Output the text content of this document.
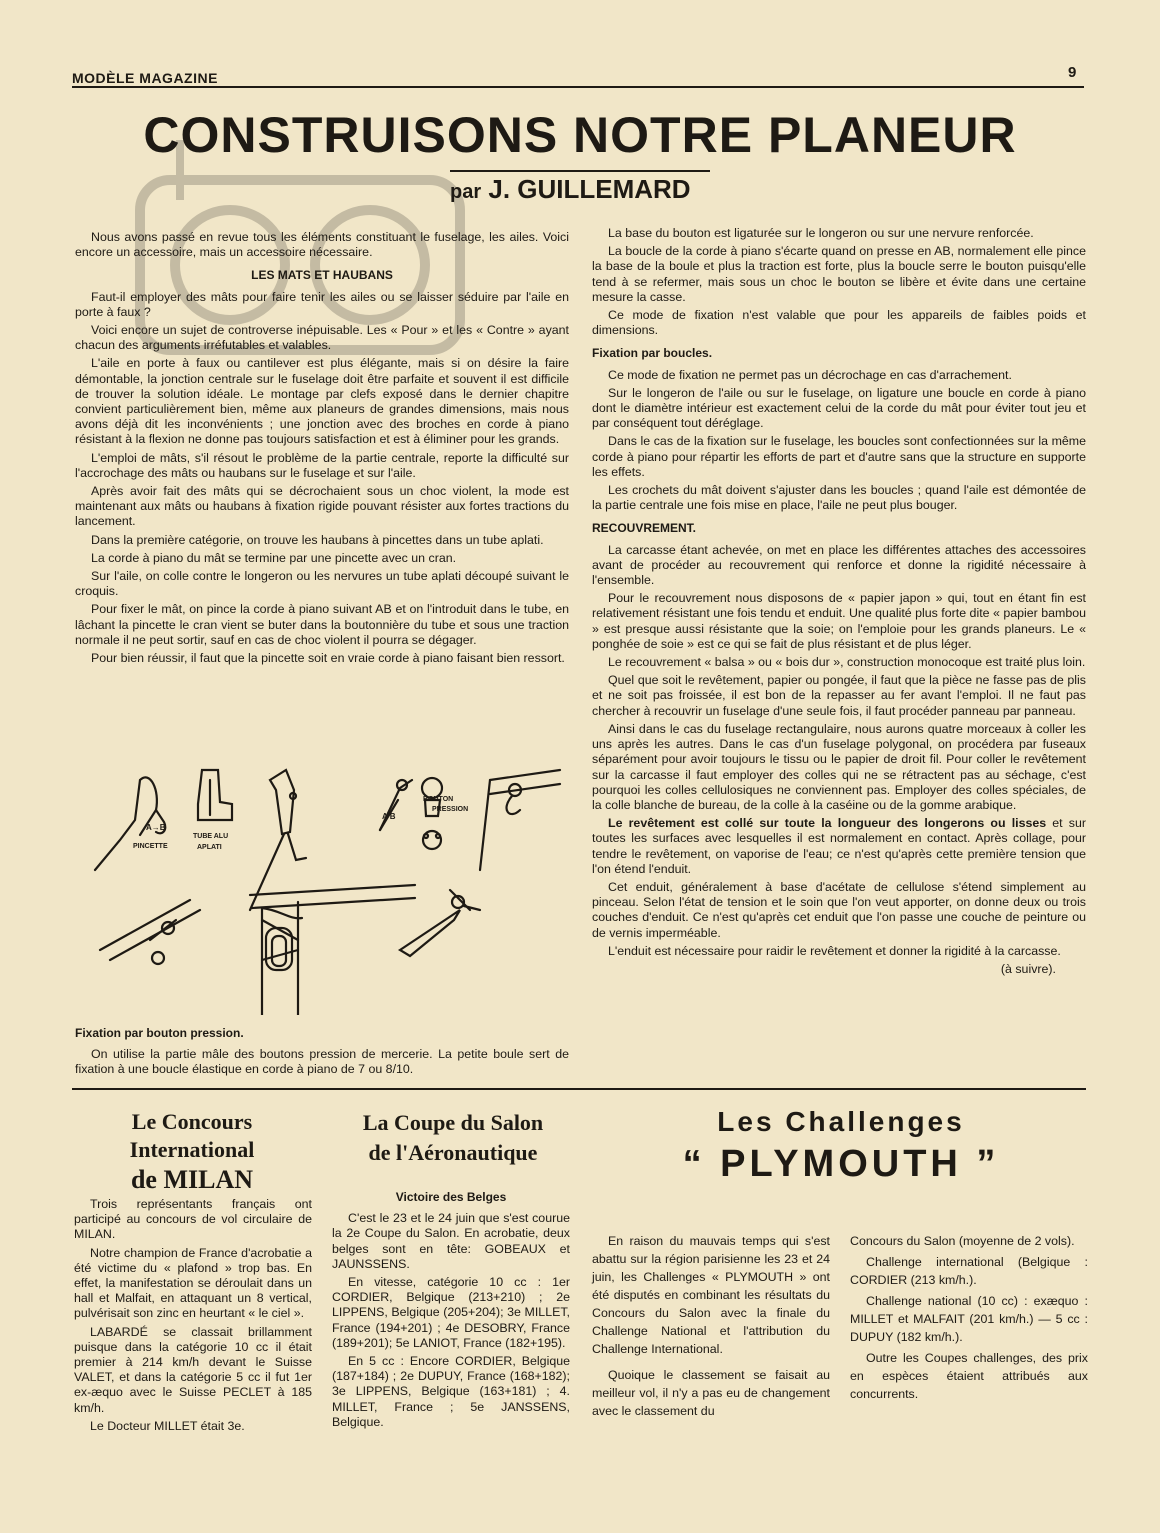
MODÈLE MAGAZINE	9
CONSTRUISONS NOTRE PLANEUR
par J. GUILLEMARD

Nous avons passé en revue tous les éléments constituant le fuselage, les ailes. Voici encore un accessoire, mais un accessoire nécessaire.

LES MATS ET HAUBANS

Faut-il employer des mâts pour faire tenir les ailes ou se laisser séduire par l'aile en porte à faux ?

Voici encore un sujet de controverse inépuisable. Les « Pour » et les « Contre » ayant chacun des arguments irréfutables et valables.

L'aile en porte à faux ou cantilever est plus élégante, mais si on désire la faire démontable, la jonction centrale sur le fuselage doit être parfaite et souvent il est difficile de trouver la solution idéale. Le montage par clefs exposé dans le dernier chapitre convient particulièrement bien, même aux planeurs de grandes dimensions, mais nous avons déjà dit les inconvénients ; une jonction avec des broches en corde à piano résistant à la flexion ne donne pas toujours satisfaction et est à éliminer pour les grands.

L'emploi de mâts, s'il résout le problème de la partie centrale, reporte la difficulté sur l'accrochage des mâts ou haubans sur le fuselage et sur l'aile.

Après avoir fait des mâts qui se décrochaient sous un choc violent, la mode est maintenant aux mâts ou haubans à fixation rigide pouvant résister aux fortes tractions du lancement.

Dans la première catégorie, on trouve les haubans à pincettes dans un tube aplati.

La corde à piano du mât se termine par une pincette avec un cran.

Sur l'aile, on colle contre le longeron ou les nervures un tube aplati découpé suivant le croquis.

Pour fixer le mât, on pince la corde à piano suivant AB et on l'introduit dans le tube, en lâchant la pincette le cran vient se buter dans la boutonnière du tube et sous une traction normale il ne peut sortir, sauf en cas de choc violent il pourra se dégager.

Pour bien réussir, il faut que la pincette soit en vraie corde à piano faisant bien ressort.

A→B
PINCETTE
TUBE ALU
APLATI
BOUTON
PRESSION
A B
Fixation par bouton pression.

On utilise la partie mâle des boutons pression de mercerie. La petite boule sert de fixation à une boucle élastique en corde à piano de 7 ou 8/10.

La base du bouton est ligaturée sur le longeron ou sur une nervure renforcée.

La boucle de la corde à piano s'écarte quand on presse en AB, normalement elle pince la base de la boule et plus la traction est forte, plus la boucle serre le bouton puisqu'elle tend à se refermer, mais sous un choc le bouton se libère et évite dans une certaine mesure la casse.

Ce mode de fixation n'est valable que pour les appareils de faibles poids et dimensions.

Fixation par boucles.

Ce mode de fixation ne permet pas un décrochage en cas d'arrachement.

Sur le longeron de l'aile ou sur le fuselage, on ligature une boucle en corde à piano dont le diamètre intérieur est exactement celui de la corde du mât pour éviter tout jeu et par conséquent tout déréglage.

Dans le cas de la fixation sur le fuselage, les boucles sont confectionnées sur la même corde à piano pour répartir les efforts de part et d'autre sans que la structure en supporte les effets.

Les crochets du mât doivent s'ajuster dans les boucles ; quand l'aile est démontée de la partie centrale une fois mise en place, l'aile ne peut plus bouger.

RECOUVREMENT.

La carcasse étant achevée, on met en place les différentes attaches des accessoires avant de procéder au recouvrement qui renforce et donne la rigidité nécessaire à l'ensemble.

Pour le recouvrement nous disposons de « papier japon » qui, tout en étant fin est relativement résistant une fois tendu et enduit. Une qualité plus forte dite « papier bambou » est presque aussi résistante que la soie; on l'emploie pour les grands planeurs. Le « ponghée de soie » est ce qui se fait de plus résistant et de plus léger.

Le recouvrement « balsa » ou « bois dur », construction monocoque est traité plus loin.

Quel que soit le revêtement, papier ou pongée, il faut que la pièce ne fasse pas de plis et ne soit pas froissée, il est bon de la repasser au fer avant l'emploi. Il ne faut pas chercher à recouvrir un fuselage d'une seule fois, il faut procéder panneau par panneau.

Ainsi dans le cas du fuselage rectangulaire, nous aurons quatre morceaux à coller les uns après les autres. Dans le cas d'un fuselage polygonal, on procédera par fuseaux séparément pour avoir toujours le tissu ou le papier de droit fil. Pour coller le revêtement sur la carcasse il faut employer des colles qui ne se rétractent pas au séchage, c'est pourquoi les colles cellulosiques ne conviennent pas. Employer des colles spéciales, de la colle blanche de bureau, de la colle à la caséine ou de la gomme arabique.

Le revêtement est collé sur toute la longueur des longerons ou lisses et sur toutes les surfaces avec lesquelles il est normalement en contact. Après collage, pour tendre le revêtement, on vaporise de l'eau; ce n'est qu'après cette première tension que l'on étend l'enduit.

Cet enduit, généralement à base d'acétate de cellulose s'étend simplement au pinceau. Selon l'état de tension et le soin que l'on veut apporter, on donne deux ou trois couches d'enduit. Ce n'est qu'après cet enduit que l'on passe une couche de peinture ou de vernis imperméable.

L'enduit est nécessaire pour raidir le revêtement et donner la rigidité à la carcasse.

(à suivre).
Le Concours International
de MILAN

Trois représentants français ont participé au concours de vol circulaire de MILAN.

Notre champion de France d'acrobatie a été victime du « plafond » trop bas. En effet, la manifestation se déroulait dans un hall et Malfait, en attaquant un 8 vertical, pulvérisait son zinc en heurtant « le ciel ».

LABARDÉ se classait brillamment puisque dans la catégorie 10 cc il était premier à 214 km/h devant le Suisse VALET, et dans la catégorie 5 cc il fut 1er ex-æquo avec le Suisse PECLET à 185 km/h.

Le Docteur MILLET était 3e.

La Coupe du Salon
de l'Aéronautique
Victoire des Belges

C'est le 23 et le 24 juin que s'est courue la 2e Coupe du Salon. En acrobatie, deux belges sont en tête: GOBEAUX et JAUNSSENS.

En vitesse, catégorie 10 cc : 1er CORDIER, Belgique (213+210) ; 2e LIPPENS, Belgique (205+204); 3e MILLET, France (194+201) ; 4e DESOBRY, France (189+201); 5e LANIOT, France (182+195).

En 5 cc : Encore CORDIER, Belgique (187+184) ; 2e DUPUY, France (168+182); 3e LIPPENS, Belgique (163+181) ; 4. MILLET, France ; 5e JANSSENS, Belgique.

Les Challenges
“ PLYMOUTH ”

En raison du mauvais temps qui s'est abattu sur la région parisienne les 23 et 24 juin, les Challenges « PLYMOUTH » ont été disputés en combinant les résultats du Concours du Salon avec la finale du Challenge National et l'attribution du Challenge International.

Quoique le classement se faisait au meilleur vol, il n'y a pas eu de changement avec le classement du

Concours du Salon (moyenne de 2 vols).

Challenge international (Belgique : CORDIER (213 km/h.).

Challenge national (10 cc) : exæquo : MILLET et MALFAIT (201 km/h.) — 5 cc : DUPUY (182 km/h.).

Outre les Coupes challenges, des prix en espèces étaient attribués aux concurrents.
